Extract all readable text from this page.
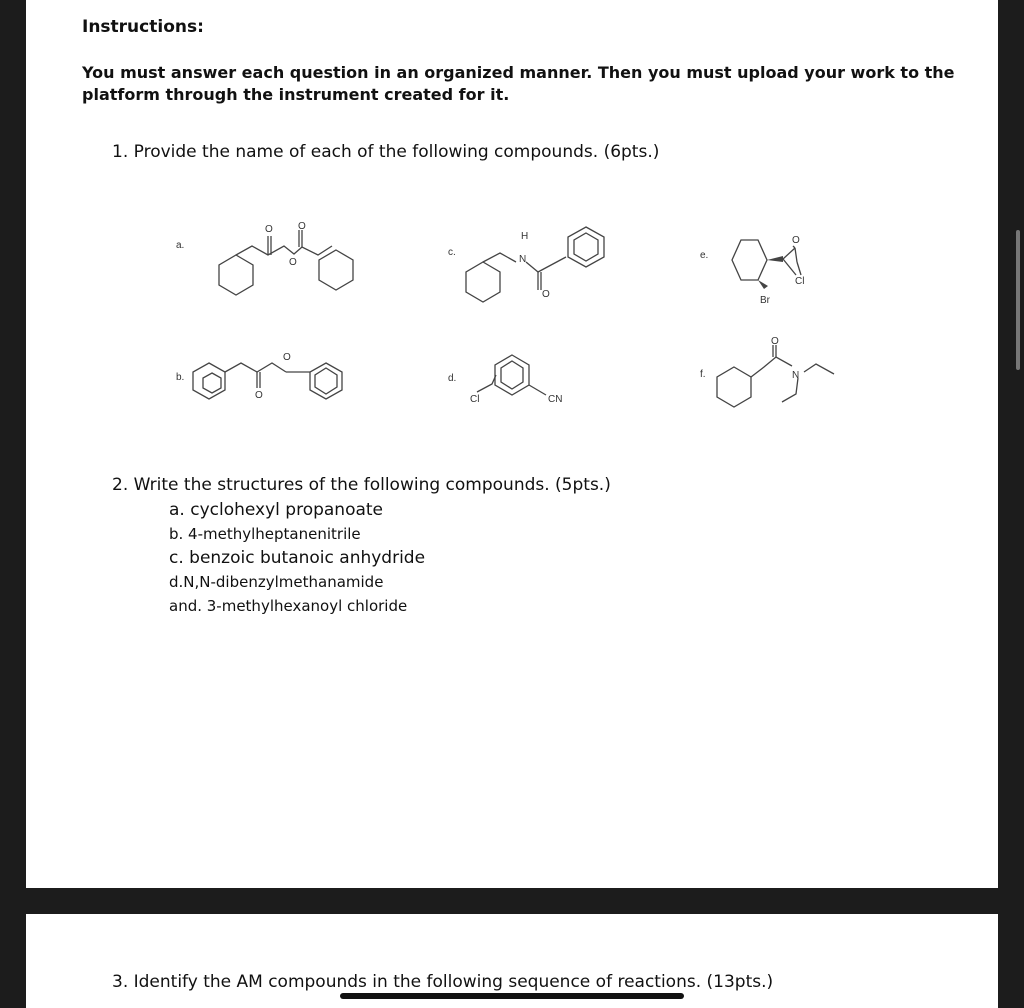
Instructions:
You must answer each question in an organized manner. Then you must upload your work to the platform through the instrument created for it.
1. Provide the name of each of the following compounds. (6pts.)
a.
O	O
O
b.
O
O
c.
H
N
O
d.
Cl	CN
e.
O
Cl
Br
f.
O
N
2. Write the structures of the following compounds. (5pts.)
a. cyclohexyl propanoate
b. 4-methylheptanenitrile
c. benzoic butanoic anhydride
d.N,N-dibenzylmethanamide
and. 3-methylhexanoyl chloride
3. Identify the AM compounds in the following sequence of reactions. (13pts.)
